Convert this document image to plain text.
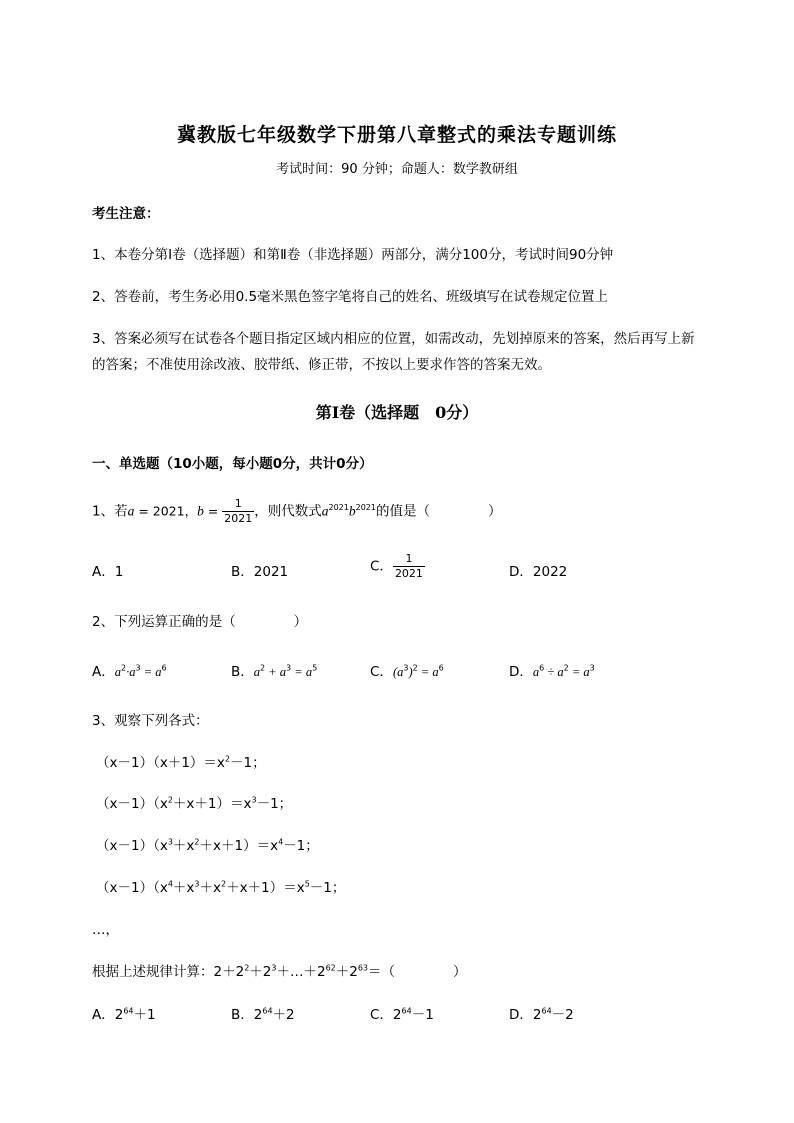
冀教版七年级数学下册第八章整式的乘法专题训练
考试时间：90 分钟；命题人：数学教研组
考生注意：
1、本卷分第Ⅰ卷（选择题）和第Ⅱ卷（非选择题）两部分，满分100分，考试时间90分钟
2、答卷前，考生务必用0.5毫米黑色签字笔将自己的姓名、班级填写在试卷规定位置上
3、答案必须写在试卷各个题目指定区域内相应的位置，如需改动，先划掉原来的答案，然后再写上新
的答案；不准使用涂改液、胶带纸、修正带，不按以上要求作答的答案无效。
第Ⅰ卷（选择题　0分）
一、单选题（10小题，每小题0分，共计0分）
1、若a = 2021，$b = \frac{1}{2021}$ ，则代数式$a^{2021}b^{2021}$的值是（	）
A．1	B．2021	C． $\frac{1}{2021}$	D．2022
2、下列运算正确的是（	）
A．$a^2\cdot a^3 = a^6$	B．$a^2 + a^3 = a^5$	C．$(a^3)^2 = a^6$	D．$a^6 \div a^2 = a^3$
3、观察下列各式：
$(x-1)(x+1)=x^2-1$；
$(x-1)(x^2+x+1)=x^3-1$；
$(x-1)(x^3+x^2+x+1)=x^4-1$；
$(x-1)(x^4+x^3+x^2+x+1)=x^5-1$；
…，
根据上述规律计算：$2+2^2+2^3+\dots+2^{62}+2^{63}=$（	）
A．$2^{64}+1$	B．$2^{64}+2$	C．$2^{64}-1$	D．$2^{64}-2$
